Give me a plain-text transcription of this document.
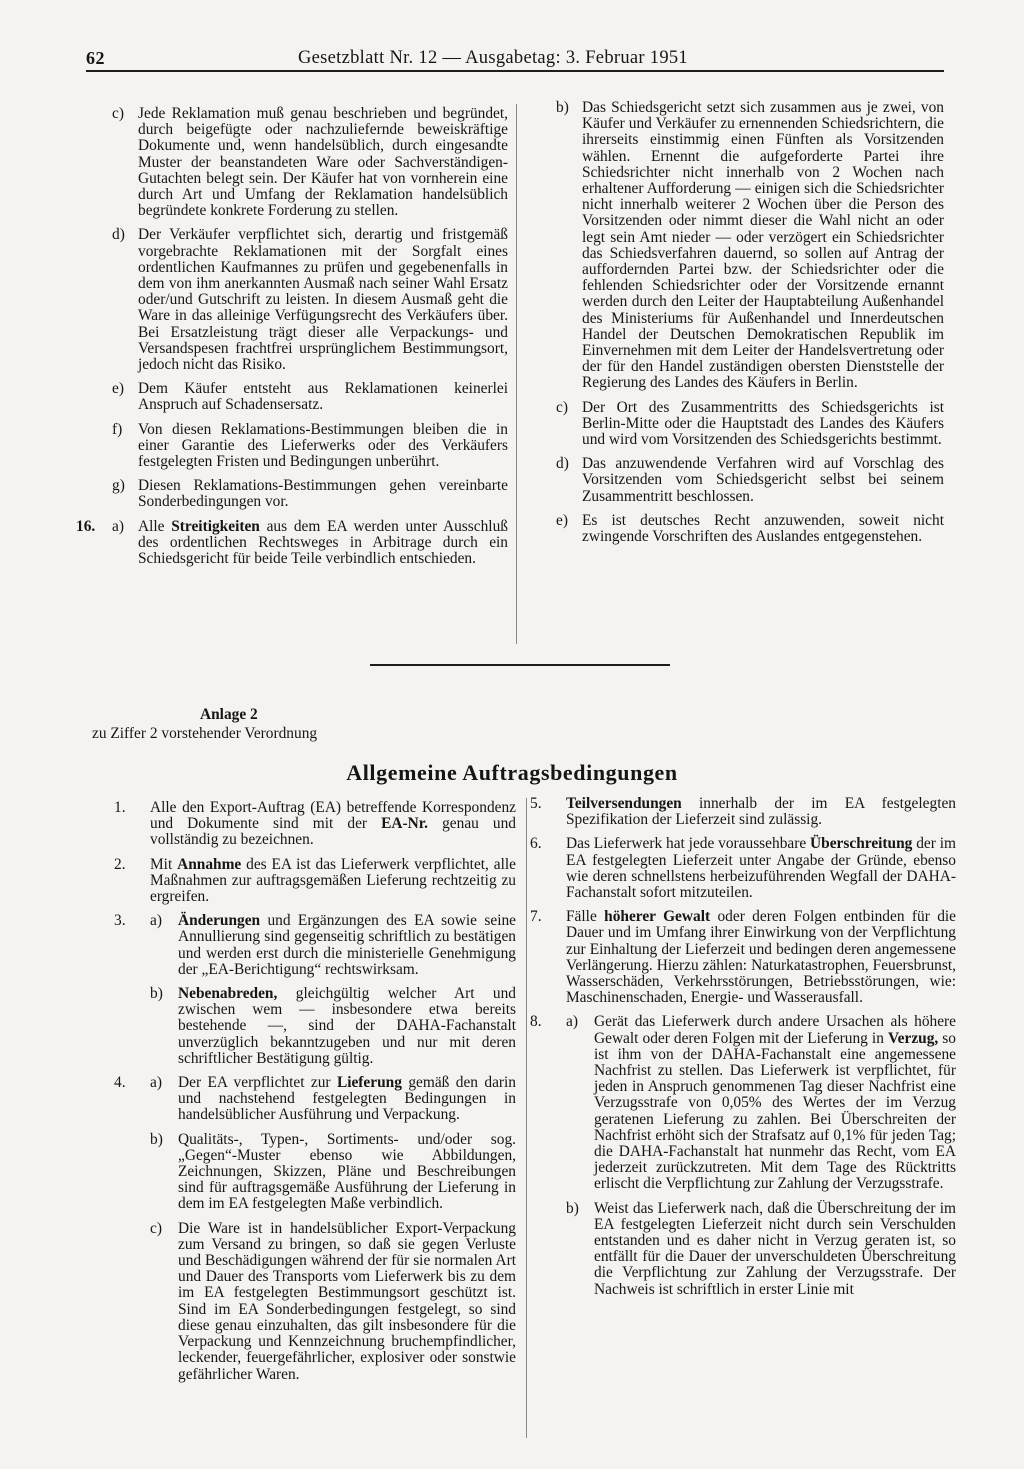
62	Gesetzblatt Nr. 12 — Ausgabetag: 3. Februar 1951
c) Jede Reklamation muß genau beschrieben und begründet, durch beigefügte oder nachzuliefernde beweiskräftige Dokumente und, wenn handelsüblich, durch eingesandte Muster der beanstandeten Ware oder Sachverständigen-Gutachten belegt sein. Der Käufer hat von vornherein eine durch Art und Umfang der Reklamation handelsüblich begründete konkrete Forderung zu stellen.
d) Der Verkäufer verpflichtet sich, derartig und fristgemäß vorgebrachte Reklamationen mit der Sorgfalt eines ordentlichen Kaufmannes zu prüfen und gegebenenfalls in dem von ihm anerkannten Ausmaß nach seiner Wahl Ersatz oder/und Gutschrift zu leisten. In diesem Ausmaß geht die Ware in das alleinige Verfügungsrecht des Verkäufers über. Bei Ersatzleistung trägt dieser alle Verpackungs- und Versandspesen frachtfrei ursprünglichem Bestimmungsort, jedoch nicht das Risiko.
e) Dem Käufer entsteht aus Reklamationen keinerlei Anspruch auf Schadensersatz.
f) Von diesen Reklamations-Bestimmungen bleiben die in einer Garantie des Lieferwerks oder des Verkäufers festgelegten Fristen und Bedingungen unberührt.
g) Diesen Reklamations-Bestimmungen gehen vereinbarte Sonderbedingungen vor.
16. a) Alle Streitigkeiten aus dem EA werden unter Ausschluß des ordentlichen Rechtsweges in Arbitrage durch ein Schiedsgericht für beide Teile verbindlich entschieden.
b) Das Schiedsgericht setzt sich zusammen aus je zwei, von Käufer und Verkäufer zu ernennenden Schiedsrichtern, die ihrerseits einstimmig einen Fünften als Vorsitzenden wählen. Ernennt die aufgeforderte Partei ihre Schiedsrichter nicht innerhalb von 2 Wochen nach erhaltener Aufforderung — einigen sich die Schiedsrichter nicht innerhalb weiterer 2 Wochen über die Person des Vorsitzenden oder nimmt dieser die Wahl nicht an oder legt sein Amt nieder — oder verzögert ein Schiedsrichter das Schiedsverfahren dauernd, so sollen auf Antrag der auffordernden Partei bzw. der Schiedsrichter oder die fehlenden Schiedsrichter oder der Vorsitzende ernannt werden durch den Leiter der Hauptabteilung Außenhandel des Ministeriums für Außenhandel und Innerdeutschen Handel der Deutschen Demokratischen Republik im Einvernehmen mit dem Leiter der Handelsvertretung oder der für den Handel zuständigen obersten Dienststelle der Regierung des Landes des Käufers in Berlin.
c) Der Ort des Zusammentritts des Schiedsgerichts ist Berlin-Mitte oder die Hauptstadt des Landes des Käufers und wird vom Vorsitzenden des Schiedsgerichts bestimmt.
d) Das anzuwendende Verfahren wird auf Vorschlag des Vorsitzenden vom Schiedsgericht selbst bei seinem Zusammentritt beschlossen.
e) Es ist deutsches Recht anzuwenden, soweit nicht zwingende Vorschriften des Auslandes entgegenstehen.
Anlage 2
zu Ziffer 2 vorstehender Verordnung
Allgemeine Auftragsbedingungen
1. Alle den Export-Auftrag (EA) betreffende Korrespondenz und Dokumente sind mit der EA-Nr. genau und vollständig zu bezeichnen.
2. Mit Annahme des EA ist das Lieferwerk verpflichtet, alle Maßnahmen zur auftragsgemäßen Lieferung rechtzeitig zu ergreifen.
3. a) Änderungen und Ergänzungen des EA sowie seine Annullierung sind gegenseitig schriftlich zu bestätigen und werden erst durch die ministerielle Genehmigung der „EA-Berichtigung“ rechtswirksam.
b) Nebenabreden, gleichgültig welcher Art und zwischen wem — insbesondere etwa bereits bestehende —, sind der DAHA-Fachanstalt unverzüglich bekanntzugeben und nur mit deren schriftlicher Bestätigung gültig.
4. a) Der EA verpflichtet zur Lieferung gemäß den darin und nachstehend festgelegten Bedingungen in handelsüblicher Ausführung und Verpackung.
b) Qualitäts-, Typen-, Sortiments- und/oder sog. „Gegen“-Muster ebenso wie Abbildungen, Zeichnungen, Skizzen, Pläne und Beschreibungen sind für auftragsgemäße Ausführung der Lieferung in dem im EA festgelegten Maße verbindlich.
c) Die Ware ist in handelsüblicher Export-Verpackung zum Versand zu bringen, so daß sie gegen Verluste und Beschädigungen während der für sie normalen Art und Dauer des Transports vom Lieferwerk bis zu dem im EA festgelegten Bestimmungsort geschützt ist. Sind im EA Sonderbedingungen festgelegt, so sind diese genau einzuhalten, das gilt insbesondere für die Verpackung und Kennzeichnung bruchempfindlicher, leckender, feuergefährlicher, explosiver oder sonstwie gefährlicher Waren.
5. Teilversendungen innerhalb der im EA festgelegten Spezifikation der Lieferzeit sind zulässig.
6. Das Lieferwerk hat jede voraussehbare Überschreitung der im EA festgelegten Lieferzeit unter Angabe der Gründe, ebenso wie deren schnellstens herbeizuführenden Wegfall der DAHA-Fachanstalt sofort mitzuteilen.
7. Fälle höherer Gewalt oder deren Folgen entbinden für die Dauer und im Umfang ihrer Einwirkung von der Verpflichtung zur Einhaltung der Lieferzeit und bedingen deren angemessene Verlängerung. Hierzu zählen: Naturkatastrophen, Feuersbrunst, Wasserschäden, Verkehrsstörungen, Betriebsstörungen, wie: Maschinenschaden, Energie- und Wasserausfall.
8. a) Gerät das Lieferwerk durch andere Ursachen als höhere Gewalt oder deren Folgen mit der Lieferung in Verzug, so ist ihm von der DAHA-Fachanstalt eine angemessene Nachfrist zu stellen. Das Lieferwerk ist verpflichtet, für jeden in Anspruch genommenen Tag dieser Nachfrist eine Verzugsstrafe von 0,05% des Wertes der im Verzug geratenen Lieferung zu zahlen. Bei Überschreiten der Nachfrist erhöht sich der Strafsatz auf 0,1% für jeden Tag; die DAHA-Fachanstalt hat nunmehr das Recht, vom EA jederzeit zurückzutreten. Mit dem Tage des Rücktritts erlischt die Verpflichtung zur Zahlung der Verzugsstrafe.
b) Weist das Lieferwerk nach, daß die Überschreitung der im EA festgelegten Lieferzeit nicht durch sein Verschulden entstanden und es daher nicht in Verzug geraten ist, so entfällt für die Dauer der unverschuldeten Überschreitung die Verpflichtung zur Zahlung der Verzugsstrafe. Der Nachweis ist schriftlich in erster Linie mit
